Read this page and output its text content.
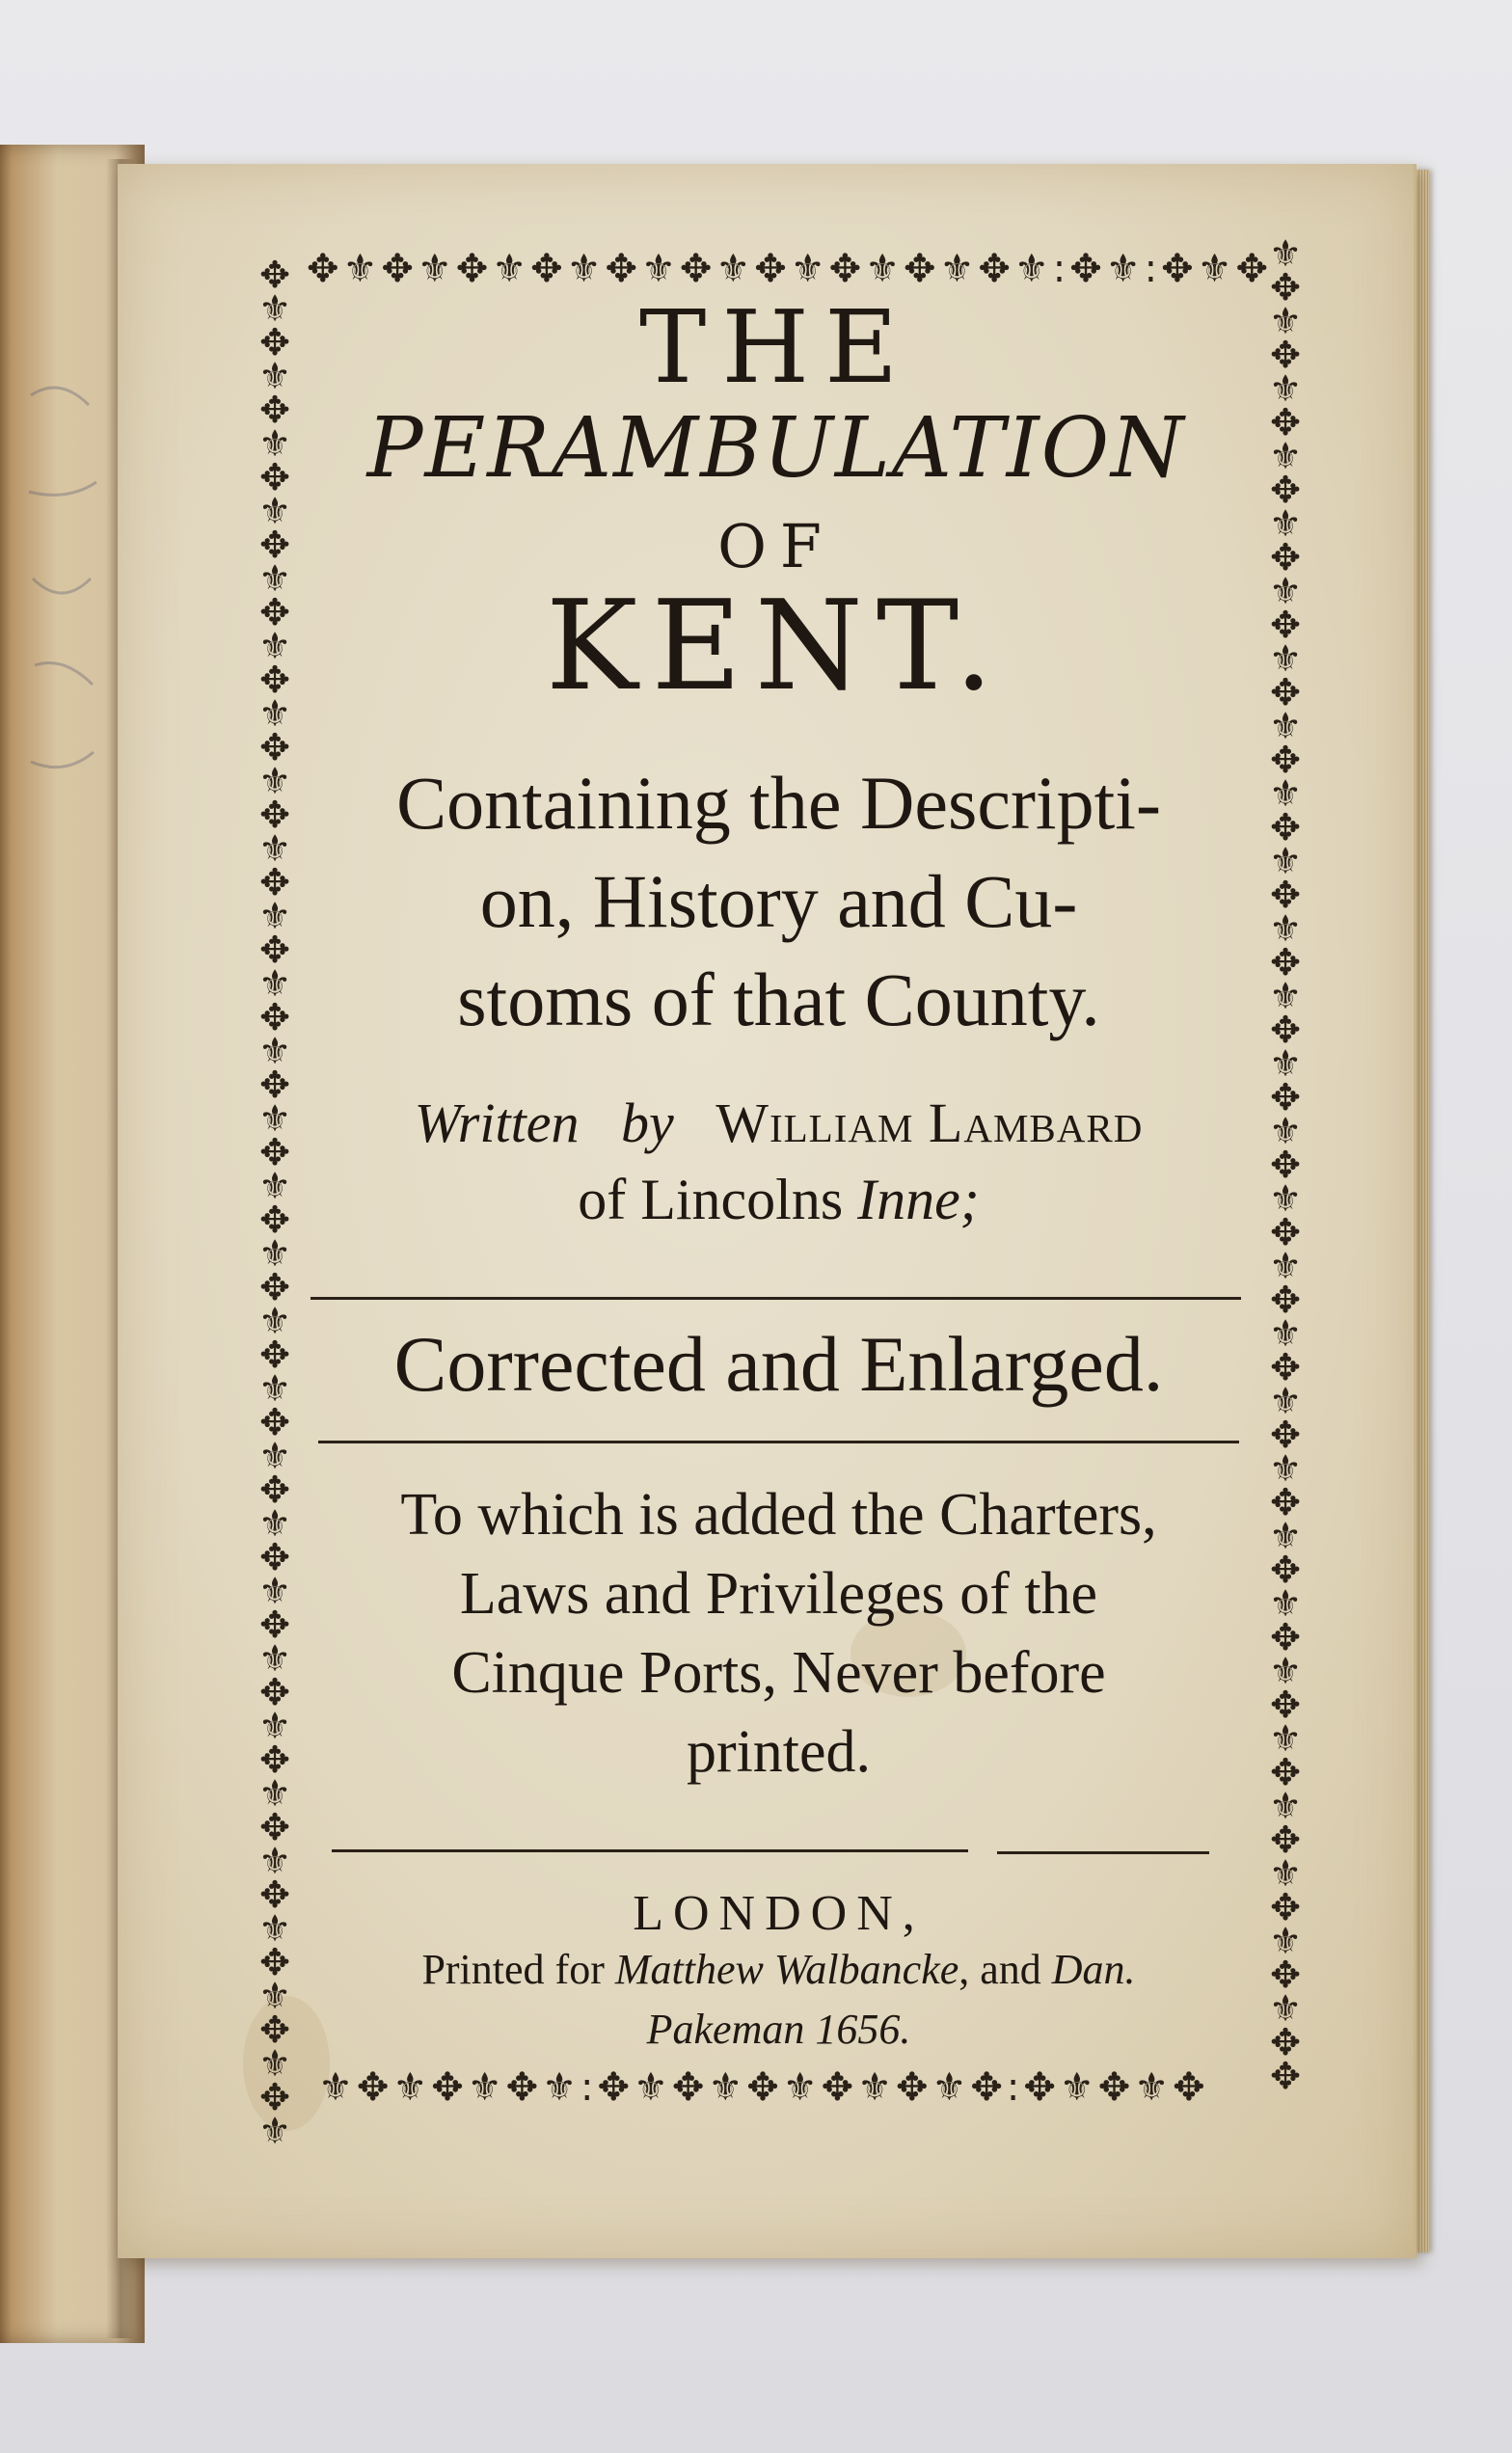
✥⚜✥⚜✥⚜✥⚜✥⚜✥⚜✥⚜✥⚜✥⚜✥⚜:✥⚜:✥⚜✥
⚜✥⚜✥⚜✥⚜:✥⚜✥⚜✥⚜✥⚜✥⚜✥:✥⚜✥⚜✥
✥⚜✥⚜✥⚜✥⚜✥⚜✥⚜✥⚜✥⚜✥⚜✥⚜✥⚜✥⚜✥⚜✥⚜✥⚜✥⚜✥⚜✥⚜✥⚜✥⚜✥⚜✥⚜✥⚜✥⚜✥⚜✥⚜✥⚜✥⚜
⚜✥⚜✥⚜✥⚜✥⚜✥⚜✥⚜✥⚜✥⚜✥⚜✥⚜✥⚜✥⚜✥⚜✥⚜✥⚜✥⚜✥⚜✥⚜✥⚜✥⚜✥⚜✥⚜✥⚜✥⚜✥⚜✥⚜✥✥
THE
PERAMBULATION
OF
KENT.
Containing the Descripti-
on, History and Cu-
stoms of that County.
Written by William Lambard
of Lincolns Inne;
Corrected and Enlarged.
To which is added the Charters,
Laws and Privileges of the
Cinque Ports, Never before
printed.
LONDON,
Printed for Matthew Walbancke, and Dan.
Pakeman 1656.
